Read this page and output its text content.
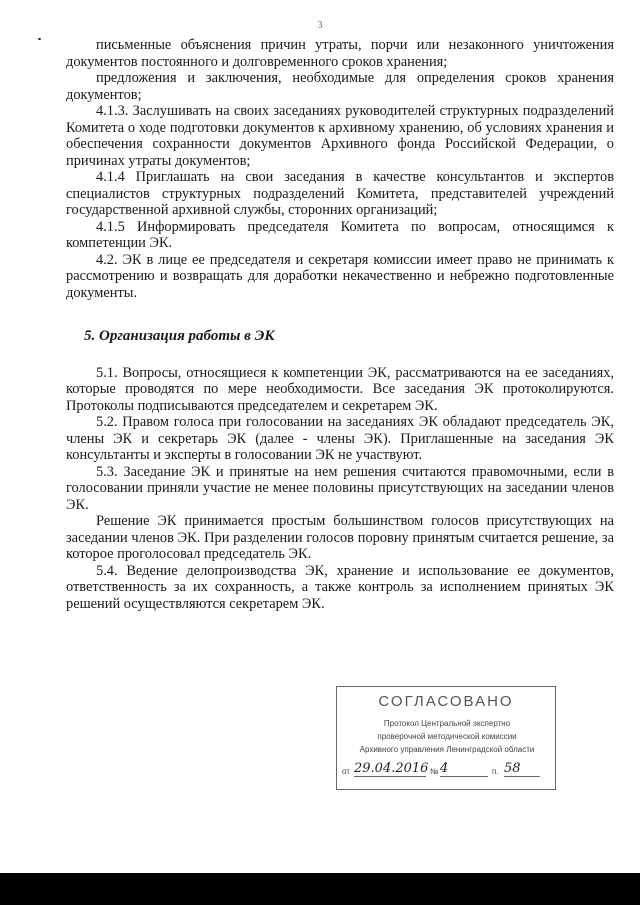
3

письменные объяснения причин утраты, порчи или незаконного уничтожения документов постоянного и долговременного сроков хранения;

предложения и заключения, необходимые для определения сроков хранения документов;

4.1.3. Заслушивать на своих заседаниях руководителей структурных подразделений Комитета о ходе подготовки документов к архивному хранению, об условиях хранения и обеспечения сохранности документов Архивного фонда Российской Федерации, о причинах утраты документов;

4.1.4 Приглашать на свои заседания в качестве консультантов и экспертов специалистов структурных подразделений Комитета, представителей учреждений государственной архивной службы, сторонних организаций;

4.1.5 Информировать председателя Комитета по вопросам, относящимся к компетенции ЭК.

4.2. ЭК в лице ее председателя и секретаря комиссии имеет право не принимать к рассмотрению и возвращать для доработки некачественно и небрежно подготовленные документы.

5. Организация работы в ЭК

5.1. Вопросы, относящиеся к компетенции ЭК, рассматриваются на ее заседаниях, которые проводятся по мере необходимости. Все заседания ЭК протоколируются. Протоколы подписываются председателем и секретарем ЭК.

5.2. Правом голоса при голосовании на заседаниях ЭК обладают председатель ЭК, члены ЭК и секретарь ЭК (далее - члены ЭК). Приглашенные на заседания ЭК консультанты и эксперты в голосовании ЭК не участвуют.

5.3. Заседание ЭК и принятые на нем решения считаются правомочными, если в голосовании приняли участие не менее половины присутствующих на заседании членов ЭК.

Решение ЭК принимается простым большинством голосов присутствующих на заседании членов ЭК. При разделении голосов поровну принятым считается решение, за которое проголосовал председатель ЭК.

5.4. Ведение делопроизводства ЭК, хранение и использование ее документов, ответственность за их сохранность, а также контроль за исполнением принятых ЭК решений осуществляются секретарем ЭК.

СОГЛАСОВАНО
Протокол Центральной экспертно
проверочной методической комиссии
Архивного управления Ленинградской области
от 29.04.2016 № 4	п. 58
